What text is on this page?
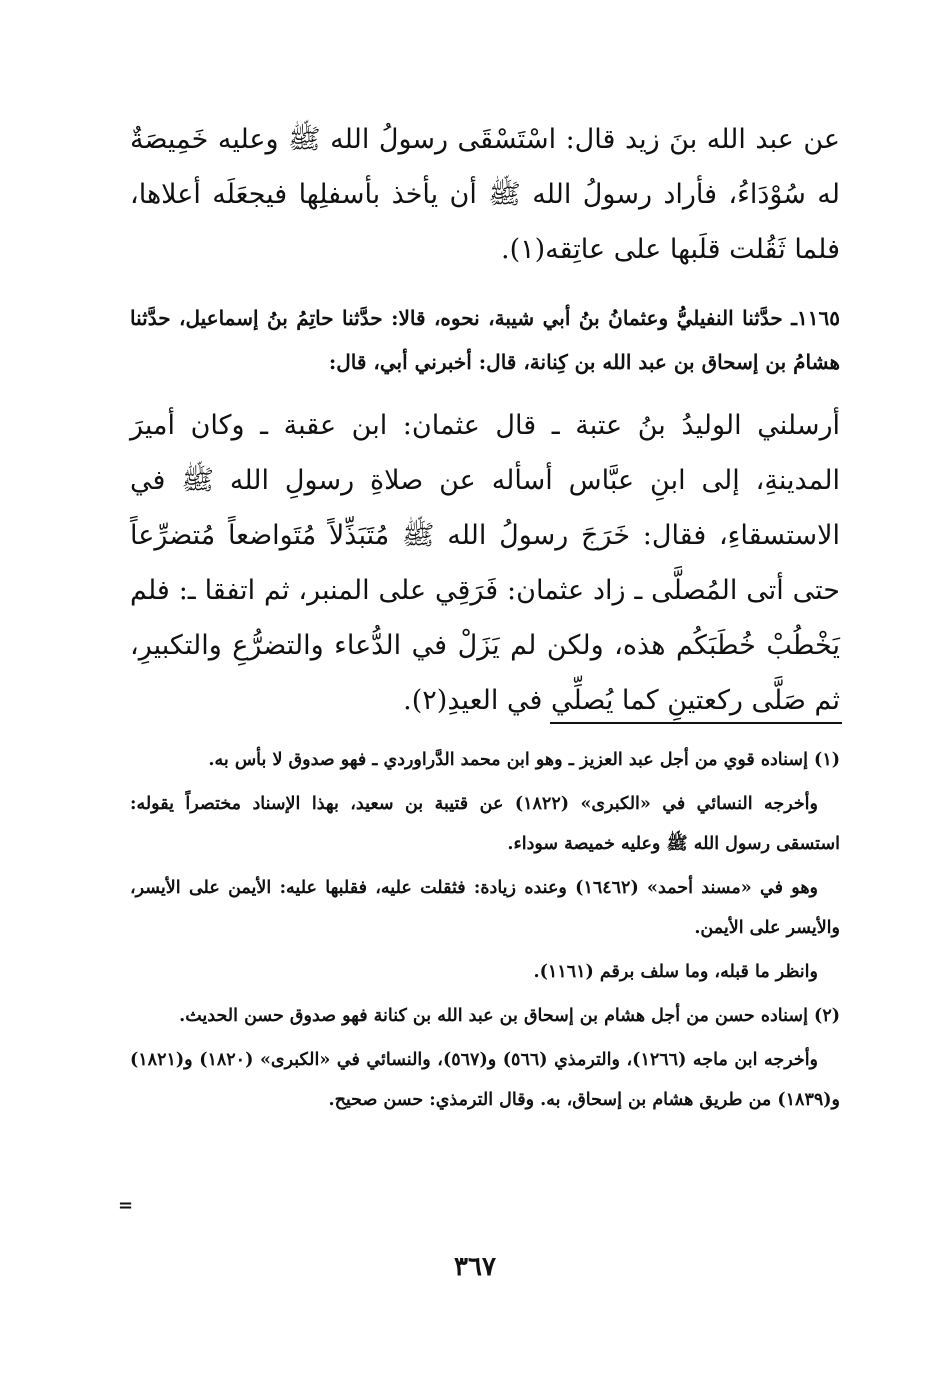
عن عبد الله بنَ زيد قال: اسْتَسْقَى رسولُ الله ﷺ وعليه خَمِيصَةٌ له سُوْدَاءُ، فأراد رسولُ الله ﷺ أن يأخذ بأسفلِها فيجعَلَه أعلاها، فلما ثَقُلت قلَبها على عاتِقه(١).
١١٦٥ـ حدَّثنا النفيليُّ وعثمانُ بنُ أبي شيبة، نحوه، قالا: حدَّثنا حاتِمُ بنُ إسماعيل، حدَّثنا هشامُ بن إسحاق بن عبد الله بن كِنانة، قال: أخبرني أبي، قال:
أرسلني الوليدُ بنُ عتبة ـ قال عثمان: ابن عقبة ـ وكان أميرَ المدينةِ، إلى ابنِ عبَّاس أسأله عن صلاةِ رسولِ الله ﷺ في الاستسقاءِ، فقال: خَرَجَ رسولُ الله ﷺ مُتَبَذِّلاً مُتَواضعاً مُتضرِّعاً حتى أتى المُصلَّى ـ زاد عثمان: فَرَقِي على المنبر، ثم اتفقا ـ: فلم يَخْطُبْ خُطَبَكُم هذه، ولكن لم يَزَلْ في الدُّعاء والتضرُّعِ والتكبيرِ، ثم صَلَّى ركعتينِ كما يُصلِّي في العيدِ(٢).

(١) إسناده قوي من أجل عبد العزيز ـ وهو ابن محمد الدَّراوردي ـ فهو صدوق لا بأس به.

وأخرجه النسائي في «الكبرى» (١٨٢٢) عن قتيبة بن سعيد، بهذا الإسناد مختصراً يقوله: استسقى رسول الله ﷺ وعليه خميصة سوداء.

وهو في «مسند أحمد» (١٦٤٦٢) وعنده زيادة: فثقلت عليه، فقلبها عليه: الأيمن على الأيسر، والأيسر على الأيمن.

وانظر ما قبله، وما سلف برقم (١١٦١).

(٢) إسناده حسن من أجل هشام بن إسحاق بن عبد الله بن كنانة فهو صدوق حسن الحديث.

وأخرجه ابن ماجه (١٢٦٦)، والترمذي (٥٦٦) و(٥٦٧)، والنسائي في «الكبرى» (١٨٢٠) و(١٨٢١) و(١٨٣٩) من طريق هشام بن إسحاق، به. وقال الترمذي: حسن صحيح.

=
٣٦٧
